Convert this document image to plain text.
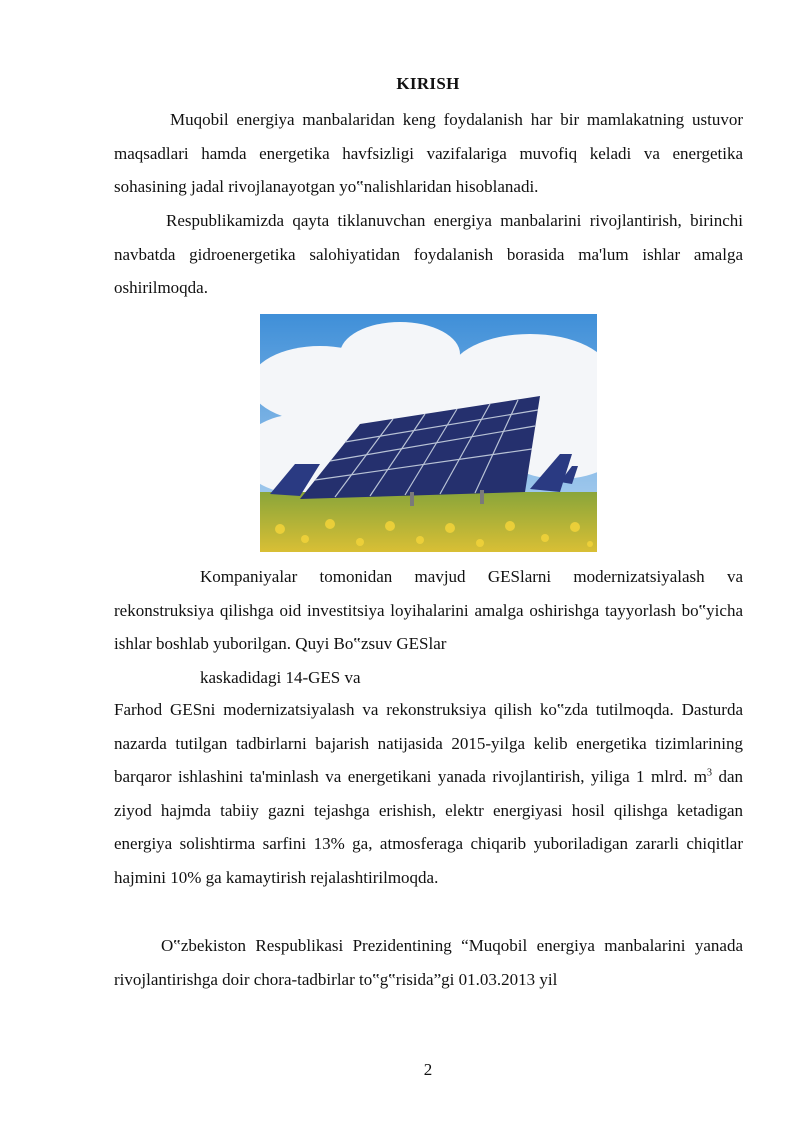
KIRISH

Muqobil energiya manbalaridan keng foydalanish har bir mamlakatning ustuvor maqsadlari hamda energetika havfsizligi vazifalariga muvofiq keladi va energetika sohasining jadal rivojlanayotgan yo‟nalishlaridan hisoblanadi.

Respublikamizda qayta tiklanuvchan energiya manbalarini rivojlantirish, birinchi navbatda gidroenergetika salohiyatidan foydalanish borasida ma'lum ishlar amalga oshirilmoqda.

Kompaniyalar tomonidan mavjud GESlarni modernizatsiyalash va rekonstruksiya qilishga oid investitsiya loyihalarini amalga oshirishga tayyorlash bo‟yicha ishlar boshlab yuborilgan. Quyi Bo‟zsuv GESlar
kaskadidagi 14-GES va

Farhod GESni modernizatsiyalash va rekonstruksiya qilish ko‟zda tutilmoqda. Dasturda nazarda tutilgan tadbirlarni bajarish natijasida 2015-yilga kelib energetika tizimlarining barqaror ishlashini ta'minlash va energetikani yanada rivojlantirish, yiliga 1 mlrd. $m^3$ dan ziyod hajmda tabiiy gazni tejashga erishish, elektr energiyasi hosil qilishga ketadigan energiya solishtirma sarfini 13% ga, atmosferaga chiqarib yuboriladigan zararli chiqitlar hajmini 10% ga kamaytirish rejalashtirilmoqda.

O‟zbekiston Respublikasi Prezidentining “Muqobil energiya manbalarini yanada rivojlantirishga doir chora-tadbirlar to‟g‟risida”gi 01.03.2013 yil

2
